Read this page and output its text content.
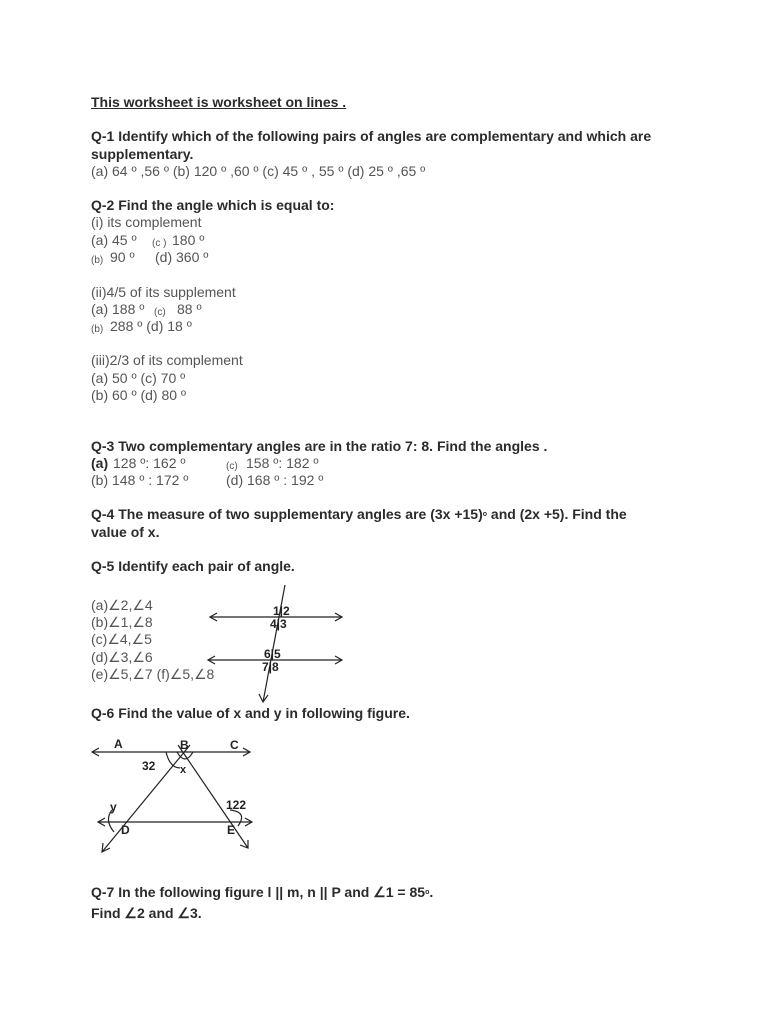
This worksheet is worksheet on lines .
Q-1 Identify which of the following pairs of angles are complementary and which are
supplementary.
(a) 64 º ,56 º (b) 120 º ,60 º (c) 45 º , 55 º (d) 25 º ,65 º
Q-2 Find the angle which is equal to:
(i) its complement
(a) 45 º (c ) 180 º
(b) 90 º (d) 360 º
(ii)4/5 of its supplement
(a) 188 º (c) 88 º
(b) 288 º (d) 18 º
(iii)2/3 of its complement
(a) 50 º (c) 70 º
(b) 60 º (d) 80 º
Q-3 Two complementary angles are in the ratio 7: 8. Find the angles .
(a) 128 º: 162 º	(c) 158 º: 182 º
(b) 148 º : 172 º	(d) 168 º : 192 º
Q-4 The measure of two supplementary angles are $(3x +15)^o$ and (2x +5). Find the
value of x.
Q-5 Identify each pair of angle.
(a)∠2,∠4
(b)∠1,∠8
(c)∠4,∠5
(d)∠3,∠6
(e)∠5,∠7 (f)∠5,∠8
1|2
4|3
6|5
7|8
Q-6 Find the value of x and y in following figure.
A	B	C
D	E
32 x
y	122
Q-7 In the following figure l || m, n || P and ∠1 = $85^o$.
Find ∠2 and ∠3.
